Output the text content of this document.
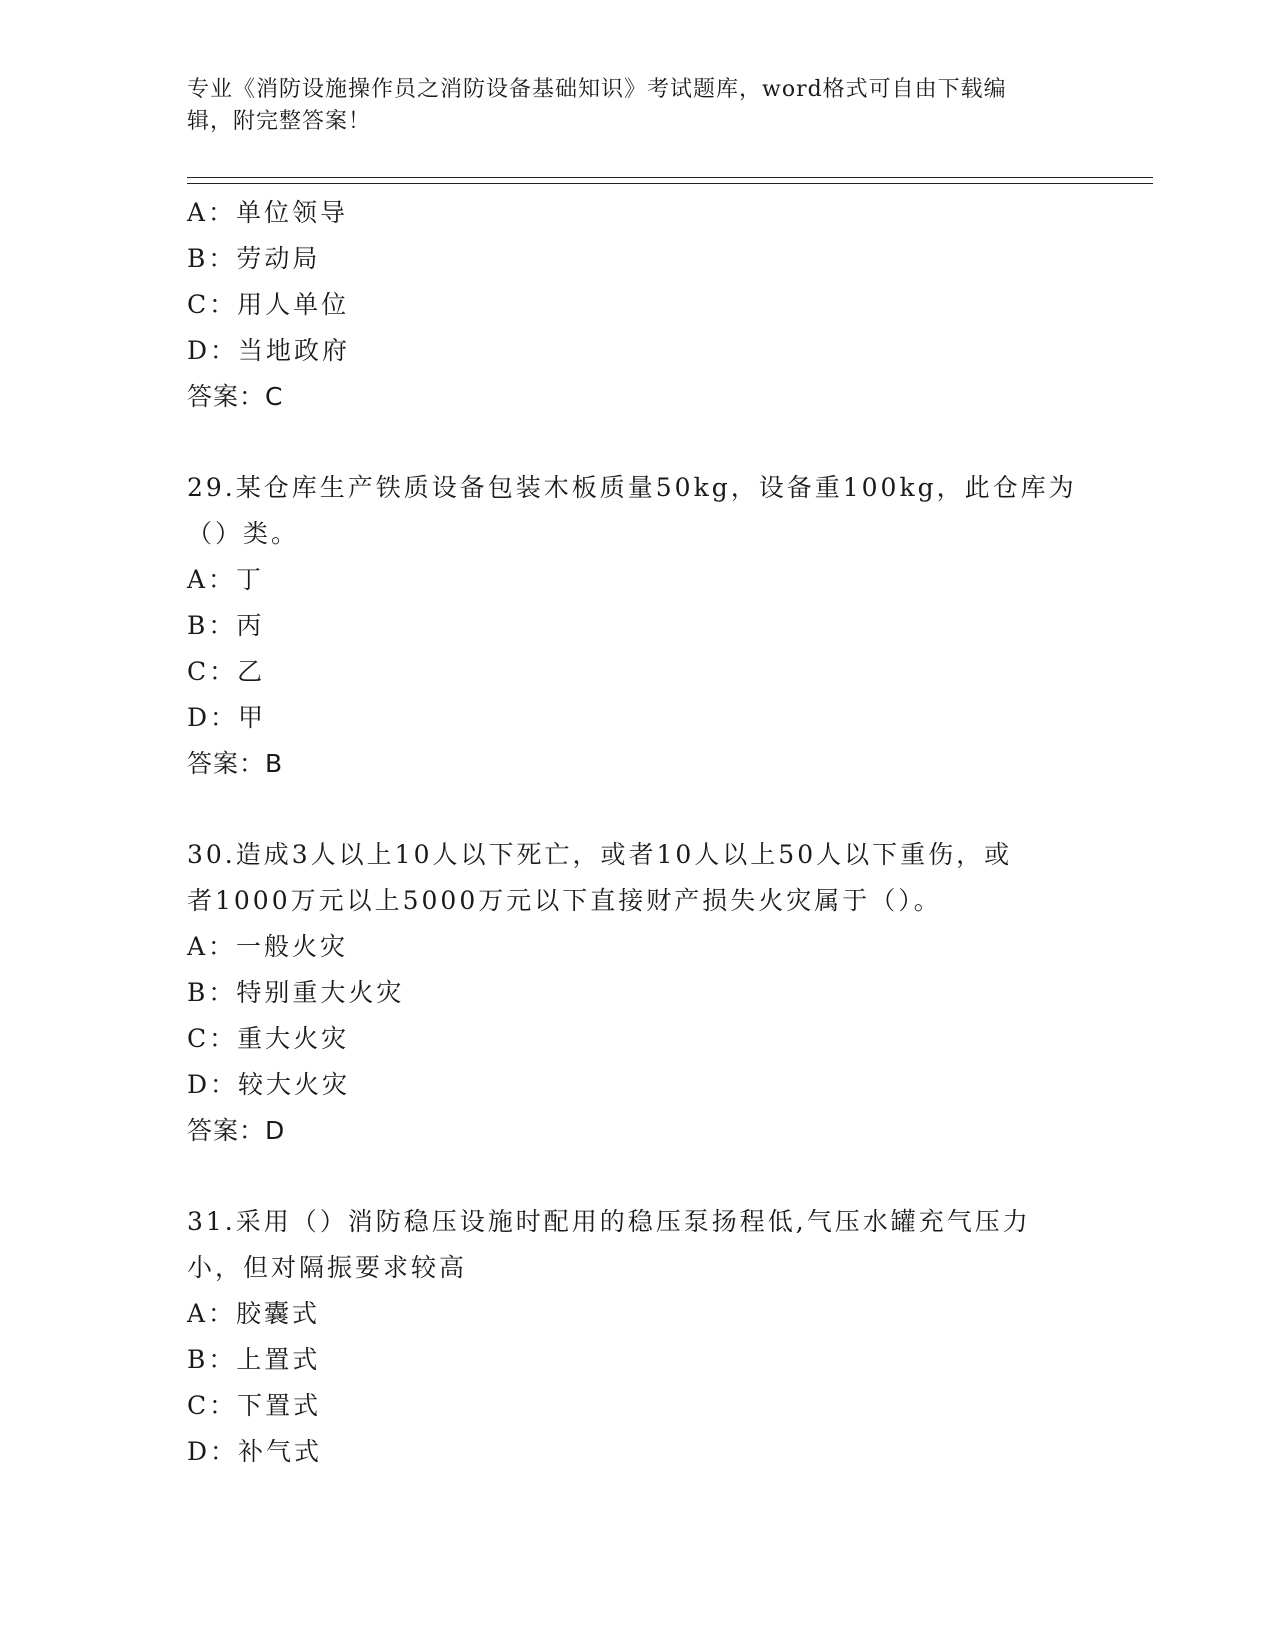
专业《消防设施操作员之消防设备基础知识》考试题库，word格式可自由下载编
辑，附完整答案！
A：单位领导
B：劳动局
C：用人单位
D：当地政府
答案：C
29.某仓库生产铁质设备包装木板质量50kg，设备重100kg，此仓库为
（）类。
A：丁
B：丙
C：乙
D：甲
答案：B
30.造成3人以上10人以下死亡，或者10人以上50人以下重伤，或
者1000万元以上5000万元以下直接财产损失火灾属于（）。
A：一般火灾
B：特别重大火灾
C：重大火灾
D：较大火灾
答案：D
31.采用（）消防稳压设施时配用的稳压泵扬程低,气压水罐充气压力
小，但对隔振要求较高
A：胶囊式
B：上置式
C：下置式
D：补气式
